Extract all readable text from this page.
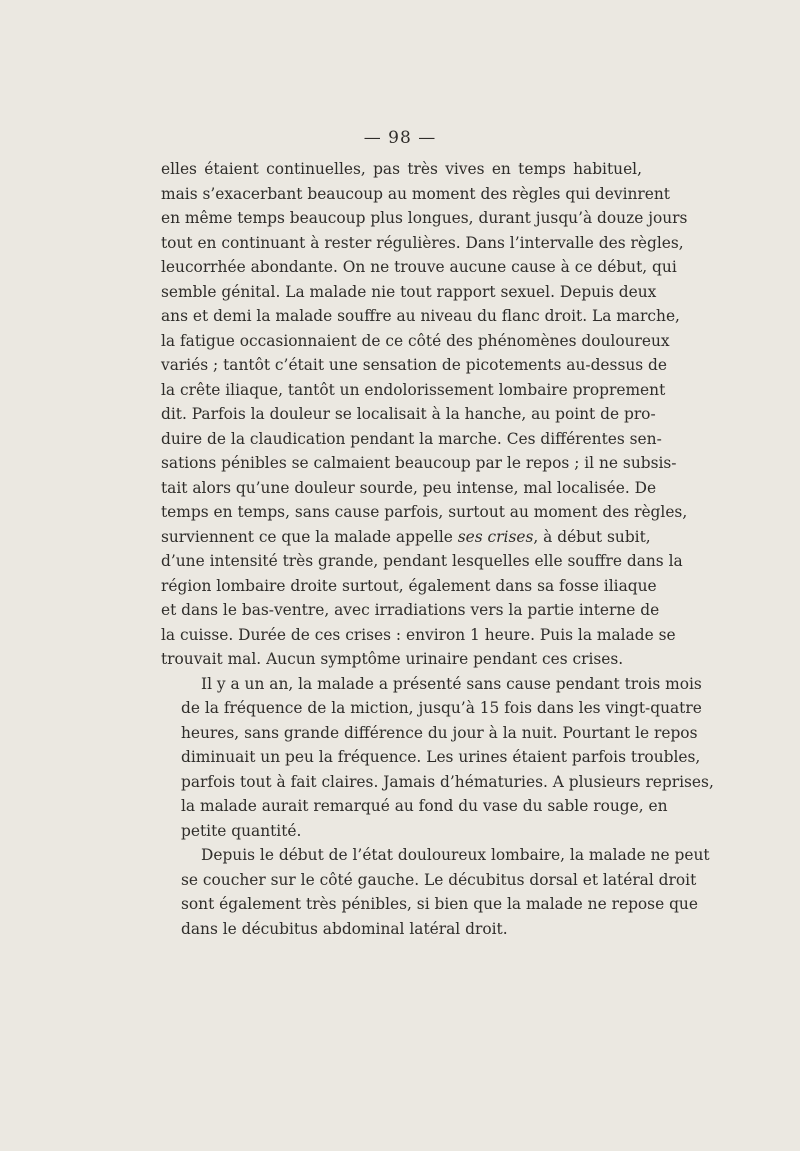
— 98 —

elles étaient continuelles, pas très vives en temps habituel,
mais s’exacerbant beaucoup au moment des règles qui devinrent
en même temps beaucoup plus longues, durant jusqu’à douze jours
tout en continuant à rester régulières. Dans l’intervalle des règles,
leucorrhée abondante. On ne trouve aucune cause à ce début, qui
semble génital. La malade nie tout rapport sexuel. Depuis deux
ans et demi la malade souffre au niveau du flanc droit. La marche,
la fatigue occasionnaient de ce côté des phénomènes douloureux
variés ; tantôt c’était une sensation de picotements au-dessus de
la crête iliaque, tantôt un endolorissement lombaire proprement
dit. Parfois la douleur se localisait à la hanche, au point de pro-
duire de la claudication pendant la marche. Ces différentes sen-
sations pénibles se calmaient beaucoup par le repos ; il ne subsis-
tait alors qu’une douleur sourde, peu intense, mal localisée. De
temps en temps, sans cause parfois, surtout au moment des règles,
surviennent ce que la malade appelle ses crises, à début subit,
d’une intensité très grande, pendant lesquelles elle souffre dans la
région lombaire droite surtout, également dans sa fosse iliaque
et dans le bas-ventre, avec irradiations vers la partie interne de
la cuisse. Durée de ces crises : environ 1 heure. Puis la malade se
trouvait mal. Aucun symptôme urinaire pendant ces crises.

Il y a un an, la malade a présenté sans cause pendant trois mois
de la fréquence de la miction, jusqu’à 15 fois dans les vingt-quatre
heures, sans grande différence du jour à la nuit. Pourtant le repos
diminuait un peu la fréquence. Les urines étaient parfois troubles,
parfois tout à fait claires. Jamais d’hématuries. A plusieurs reprises,
la malade aurait remarqué au fond du vase du sable rouge, en
petite quantité.

Depuis le début de l’état douloureux lombaire, la malade ne peut
se coucher sur le côté gauche. Le décubitus dorsal et latéral droit
sont également très pénibles, si bien que la malade ne repose que
dans le décubitus abdominal latéral droit.
